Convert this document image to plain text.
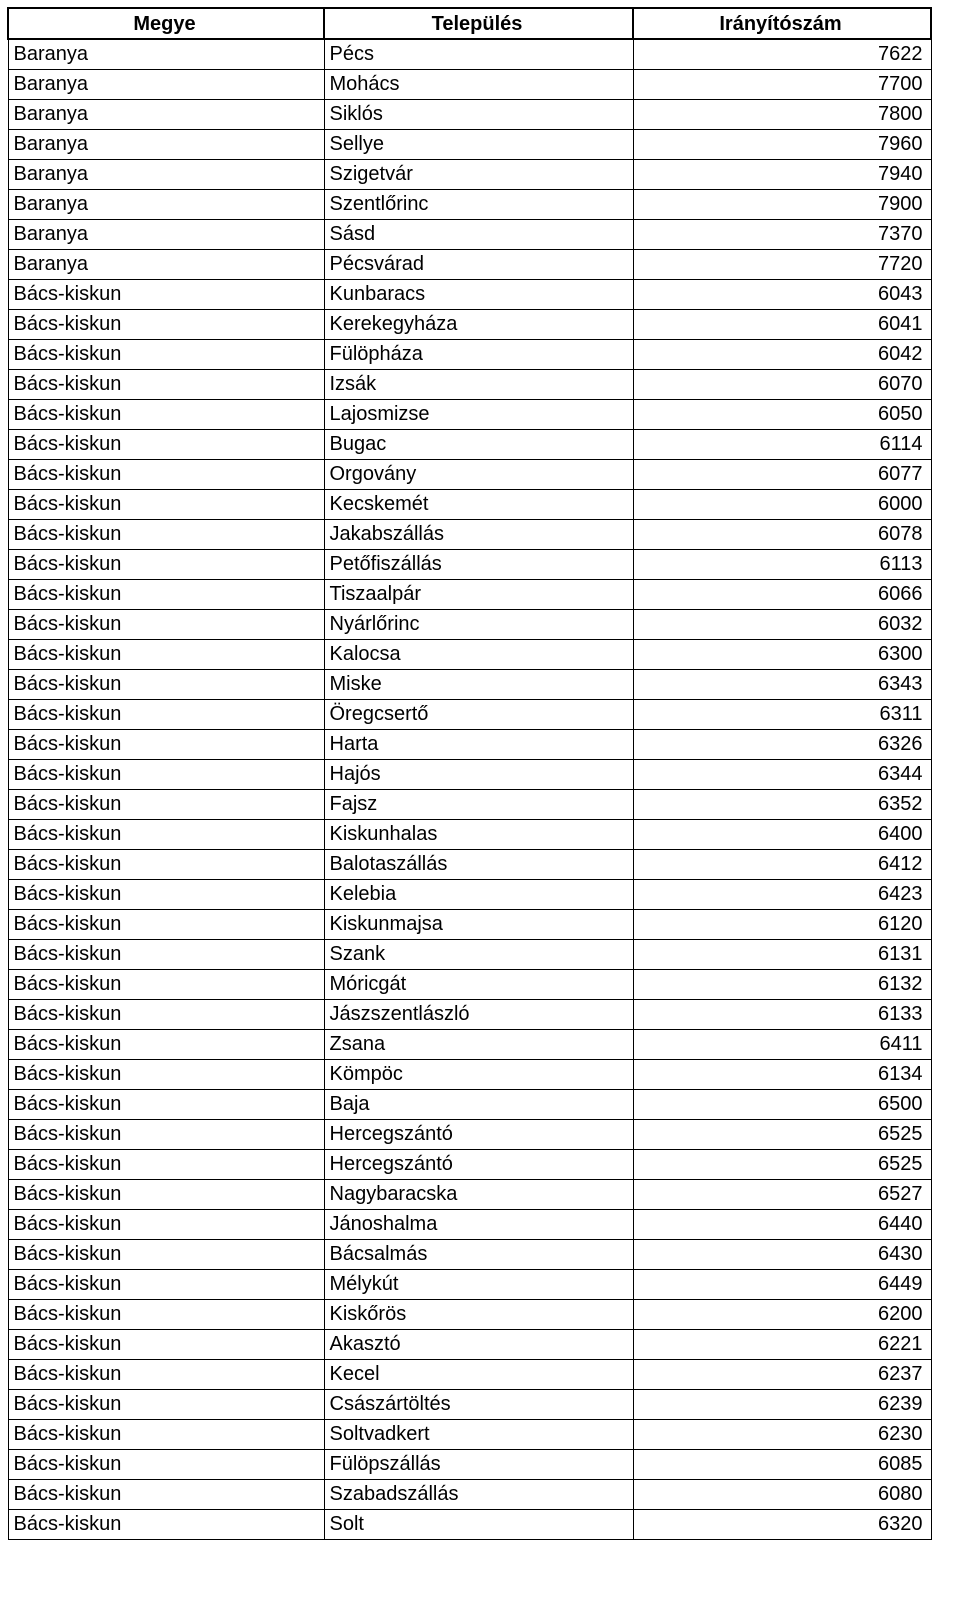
Megye	Település	Irányítószám
Baranya	Pécs	7622
Baranya	Mohács	7700
Baranya	Siklós	7800
Baranya	Sellye	7960
Baranya	Szigetvár	7940
Baranya	Szentlőrinc	7900
Baranya	Sásd	7370
Baranya	Pécsvárad	7720
Bács-kiskun	Kunbaracs	6043
Bács-kiskun	Kerekegyháza	6041
Bács-kiskun	Fülöpháza	6042
Bács-kiskun	Izsák	6070
Bács-kiskun	Lajosmizse	6050
Bács-kiskun	Bugac	6114
Bács-kiskun	Orgovány	6077
Bács-kiskun	Kecskemét	6000
Bács-kiskun	Jakabszállás	6078
Bács-kiskun	Petőfiszállás	6113
Bács-kiskun	Tiszaalpár	6066
Bács-kiskun	Nyárlőrinc	6032
Bács-kiskun	Kalocsa	6300
Bács-kiskun	Miske	6343
Bács-kiskun	Öregcsertő	6311
Bács-kiskun	Harta	6326
Bács-kiskun	Hajós	6344
Bács-kiskun	Fajsz	6352
Bács-kiskun	Kiskunhalas	6400
Bács-kiskun	Balotaszállás	6412
Bács-kiskun	Kelebia	6423
Bács-kiskun	Kiskunmajsa	6120
Bács-kiskun	Szank	6131
Bács-kiskun	Móricgát	6132
Bács-kiskun	Jászszentlászló	6133
Bács-kiskun	Zsana	6411
Bács-kiskun	Kömpöc	6134
Bács-kiskun	Baja	6500
Bács-kiskun	Hercegszántó	6525
Bács-kiskun	Hercegszántó	6525
Bács-kiskun	Nagybaracska	6527
Bács-kiskun	Jánoshalma	6440
Bács-kiskun	Bácsalmás	6430
Bács-kiskun	Mélykút	6449
Bács-kiskun	Kiskőrös	6200
Bács-kiskun	Akasztó	6221
Bács-kiskun	Kecel	6237
Bács-kiskun	Császártöltés	6239
Bács-kiskun	Soltvadkert	6230
Bács-kiskun	Fülöpszállás	6085
Bács-kiskun	Szabadszállás	6080
Bács-kiskun	Solt	6320
